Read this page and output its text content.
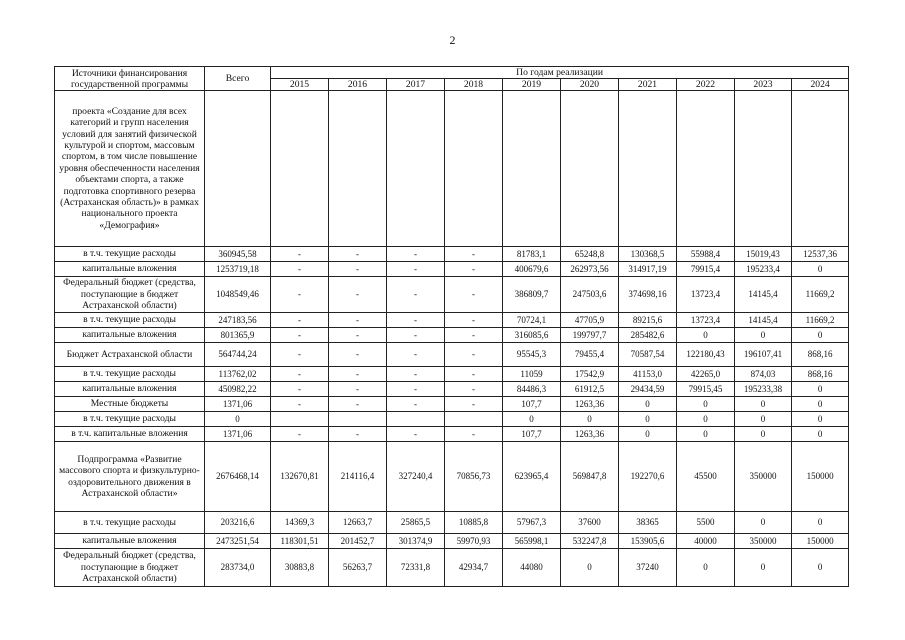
2
Источники финансирования государственной программы	Всего	По годам реализации									
		2015	2016	2017	2018	2019	2020	2021	2022	2023	2024
проекта «Создание для всех категорий и групп населения условий для занятий физической культурой и спортом, массовым спортом, в том числе повышение уровня обеспеченности населения объектами спорта, а также подготовка спортивного резерва (Астраханская область)» в рамках национального проекта «Демография»											
в т.ч. текущие расходы	360945,58	-	-	-	-	81783,1	65248,8	130368,5	55988,4	15019,43	12537,36
капитальные вложения	1253719,18	-	-	-	-	400679,6	262973,56	314917,19	79915,4	195233,4	0
Федеральный бюджет (средства, поступающие в бюджет Астраханской области)	1048549,46	-	-	-	-	386809,7	247503,6	374698,16	13723,4	14145,4	11669,2
в т.ч. текущие расходы	247183,56	-	-	-	-	70724,1	47705,9	89215,6	13723,4	14145,4	11669,2
капитальные вложения	801365,9	-	-	-	-	316085,6	199797,7	285482,6	0	0	0
Бюджет Астраханской области	564744,24	-	-	-	-	95545,3	79455,4	70587,54	122180,43	196107,41	868,16
в т.ч. текущие расходы	113762,02	-	-	-	-	11059	17542,9	41153,0	42265,0	874,03	868,16
капитальные вложения	450982,22	-	-	-	-	84486,3	61912,5	29434,59	79915,45	195233,38	0
Местные бюджеты	1371,06	-	-	-	-	107,7	1263,36	0	0	0	0
в т.ч. текущие расходы	0					0	0	0	0	0	0
в т.ч. капитальные вложения	1371,06	-	-	-	-	107,7	1263,36	0	0	0	0
Подпрограмма «Развитие массового спорта и физкультурно-оздоровительного движения в Астраханской области»	2676468,14	132670,81	214116,4	327240,4	70856,73	623965,4	569847,8	192270,6	45500	350000	150000
в т.ч. текущие расходы	203216,6	14369,3	12663,7	25865,5	10885,8	57967,3	37600	38365	5500	0	0
капитальные вложения	2473251,54	118301,51	201452,7	301374,9	59970,93	565998,1	532247,8	153905,6	40000	350000	150000
Федеральный бюджет (средства, поступающие в бюджет Астраханской области)	283734,0	30883,8	56263,7	72331,8	42934,7	44080	0	37240	0	0	0
